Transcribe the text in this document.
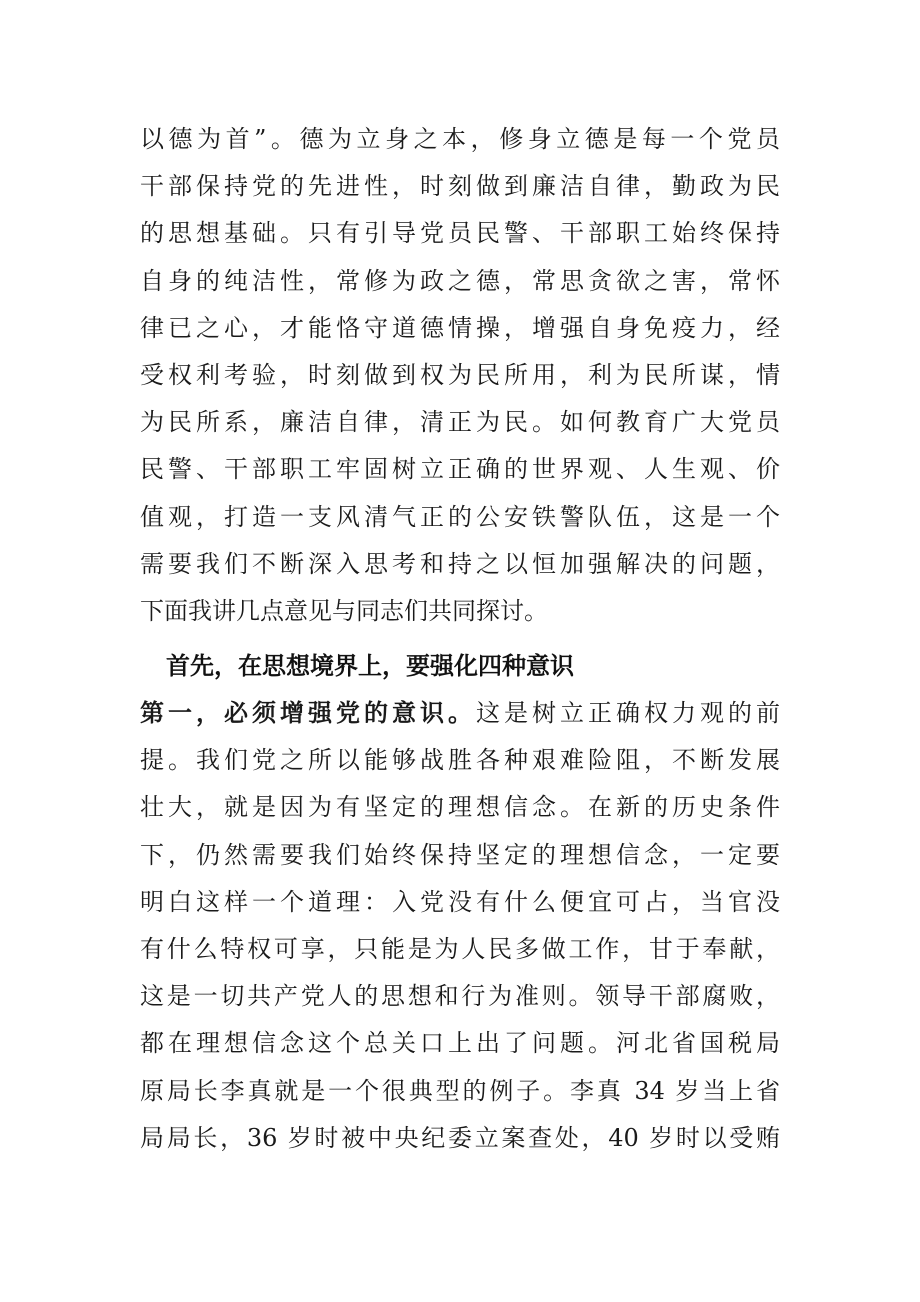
以德为首”。德为立身之本，修身立德是每一个党员
干部保持党的先进性，时刻做到廉洁自律，勤政为民
的思想基础。只有引导党员民警、干部职工始终保持
自身的纯洁性，常修为政之德，常思贪欲之害，常怀
律已之心，才能恪守道德情操，增强自身免疫力，经
受权利考验，时刻做到权为民所用，利为民所谋，情
为民所系，廉洁自律，清正为民。如何教育广大党员
民警、干部职工牢固树立正确的世界观、人生观、价
值观，打造一支风清气正的公安铁警队伍，这是一个
需要我们不断深入思考和持之以恒加强解决的问题，
下面我讲几点意见与同志们共同探讨。
首先，在思想境界上，要强化四种意识
第一，必须增强党的意识。这是树立正确权力观的前
提。我们党之所以能够战胜各种艰难险阻，不断发展
壮大，就是因为有坚定的理想信念。在新的历史条件
下，仍然需要我们始终保持坚定的理想信念，一定要
明白这样一个道理：入党没有什么便宜可占，当官没
有什么特权可享，只能是为人民多做工作，甘于奉献，
这是一切共产党人的思想和行为准则。领导干部腐败，
都在理想信念这个总关口上出了问题。河北省国税局
原局长李真就是一个很典型的例子。李真 34 岁当上省
局局长，36 岁时被中央纪委立案查处，40 岁时以受贿
